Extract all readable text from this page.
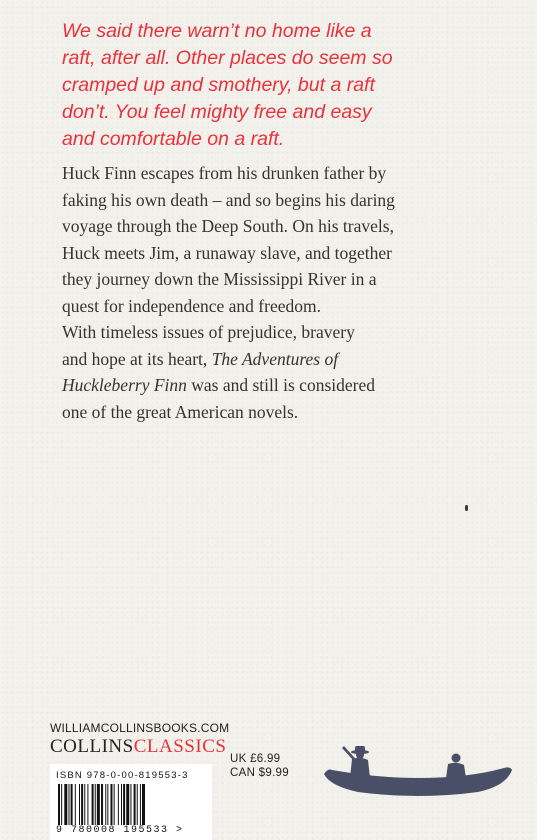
We said there warn’t no home like a
raft, after all. Other places do seem so
cramped up and smothery, but a raft
don’t. You feel mighty free and easy
and comfortable on a raft.
Huck Finn escapes from his drunken father by
faking his own death – and so begins his daring
voyage through the Deep South. On his travels,
Huck meets Jim, a runaway slave, and together
they journey down the Mississippi River in a
quest for independence and freedom.
With timeless issues of prejudice, bravery
and hope at its heart, The Adventures of
Huckleberry Finn was and still is considered
one of the great American novels.
WILLIAMCOLLINSBOOKS.COM
COLLINSCLASSICS
ISBN 978-0-00-819553-3
9 780008 195533 >
UK £6.99
CAN $9.99
